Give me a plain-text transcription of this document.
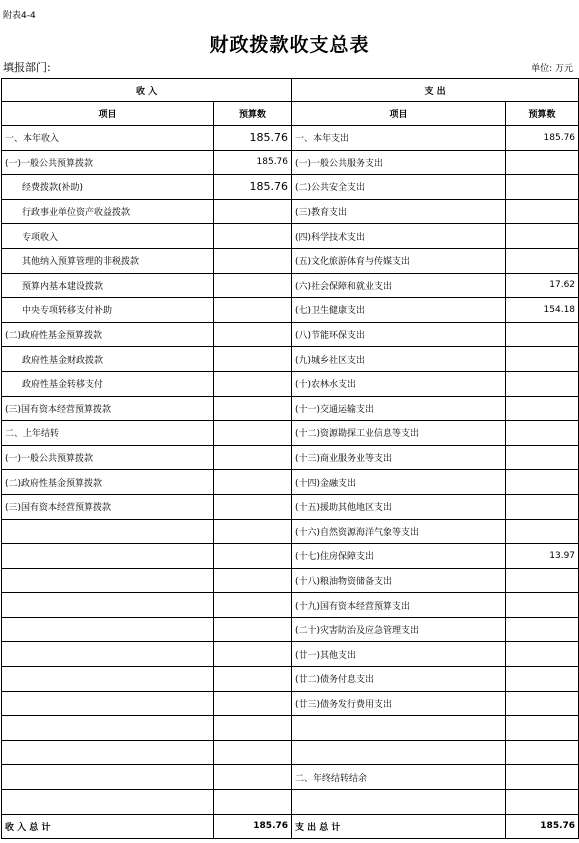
附表4-4
财政拨款收支总表
填报部门:	单位: 万元
收 入		支 出	
项目	预算数	项目	预算数
一、本年收入	185.76	一、本年支出	185.76
(一)一般公共预算拨款	185.76	(一)一般公共服务支出	
经费拨款(补助)	185.76	(二)公共安全支出	
行政事业单位资产收益拨款		(三)教育支出	
专项收入		(四)科学技术支出	
其他纳入预算管理的非税拨款		(五)文化旅游体育与传媒支出	
预算内基本建设拨款		(六)社会保障和就业支出	17.62
中央专项转移支付补助		(七)卫生健康支出	154.18
(二)政府性基金预算拨款		(八)节能环保支出	
政府性基金财政拨款		(九)城乡社区支出	
政府性基金转移支付		(十)农林水支出	
(三)国有资本经营预算拨款		(十一)交通运输支出	
二、上年结转		(十二)资源勘探工业信息等支出	
(一)一般公共预算拨款		(十三)商业服务业等支出	
(二)政府性基金预算拨款		(十四)金融支出	
(三)国有资本经营预算拨款		(十五)援助其他地区支出	
		(十六)自然资源海洋气象等支出	
		(十七)住房保障支出	13.97
		(十八)粮油物资储备支出	
		(十九)国有资本经营预算支出	
		(二十)灾害防治及应急管理支出	
		(廿一)其他支出	
		(廿二)债务付息支出	
		(廿三)债务发行费用支出	

		二、年终结转结余	

收 入 总 计	185.76	支 出 总 计	185.76
